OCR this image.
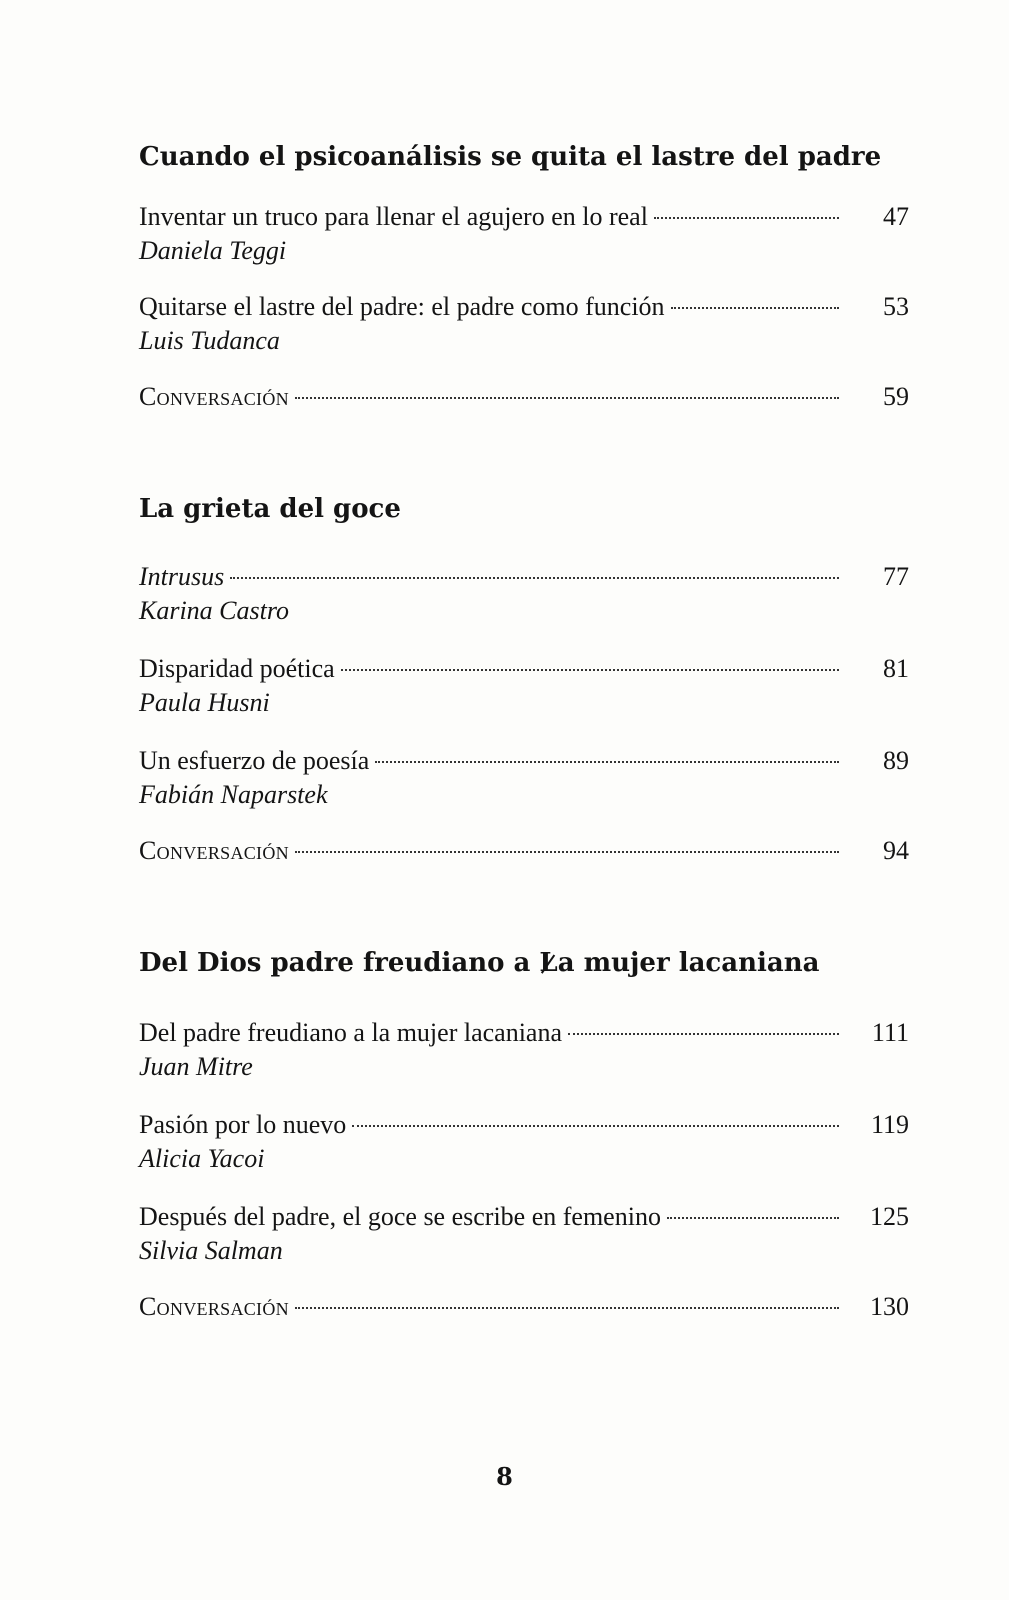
Cuando el psicoanálisis se quita el lastre del padre
Inventar un truco para llenar el agujero en lo real	47
Daniela Teggi
Quitarse el lastre del padre: el padre como función	53
Luis Tudanca
Conversación	59
La grieta del goce
Intrusus	77
Karina Castro
Disparidad poética	81
Paula Husni
Un esfuerzo de poesía	89
Fabián Naparstek
Conversación	94
Del Dios padre freudiano a La mujer lacaniana
Del padre freudiano a la mujer lacaniana	111
Juan Mitre
Pasión por lo nuevo	119
Alicia Yacoi
Después del padre, el goce se escribe en femenino	125
Silvia Salman
Conversación	130
8
